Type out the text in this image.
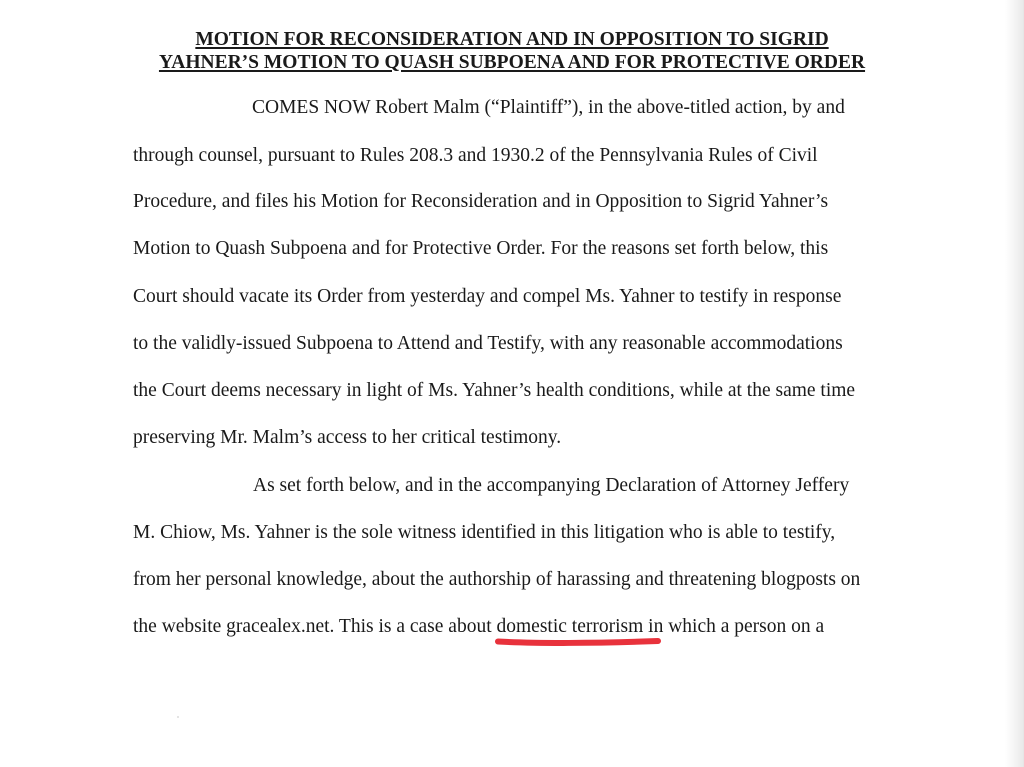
MOTION FOR RECONSIDERATION AND IN OPPOSITION TO SIGRID
YAHNER’S MOTION TO QUASH SUBPOENA AND FOR PROTECTIVE ORDER
COMES NOW Robert Malm (“Plaintiff”), in the above-titled action, by and
through counsel, pursuant to Rules 208.3 and 1930.2 of the Pennsylvania Rules of Civil
Procedure, and files his Motion for Reconsideration and in Opposition to Sigrid Yahner’s
Motion to Quash Subpoena and for Protective Order. For the reasons set forth below, this
Court should vacate its Order from yesterday and compel Ms. Yahner to testify in response
to the validly-issued Subpoena to Attend and Testify, with any reasonable accommodations
the Court deems necessary in light of Ms. Yahner’s health conditions, while at the same time
preserving Mr. Malm’s access to her critical testimony.
As set forth below, and in the accompanying Declaration of Attorney Jeffery
M. Chiow, Ms. Yahner is the sole witness identified in this litigation who is able to testify,
from her personal knowledge, about the authorship of harassing and threatening blogposts on
the website gracealex.net. This is a case about domestic terrorism
in which a person on a
